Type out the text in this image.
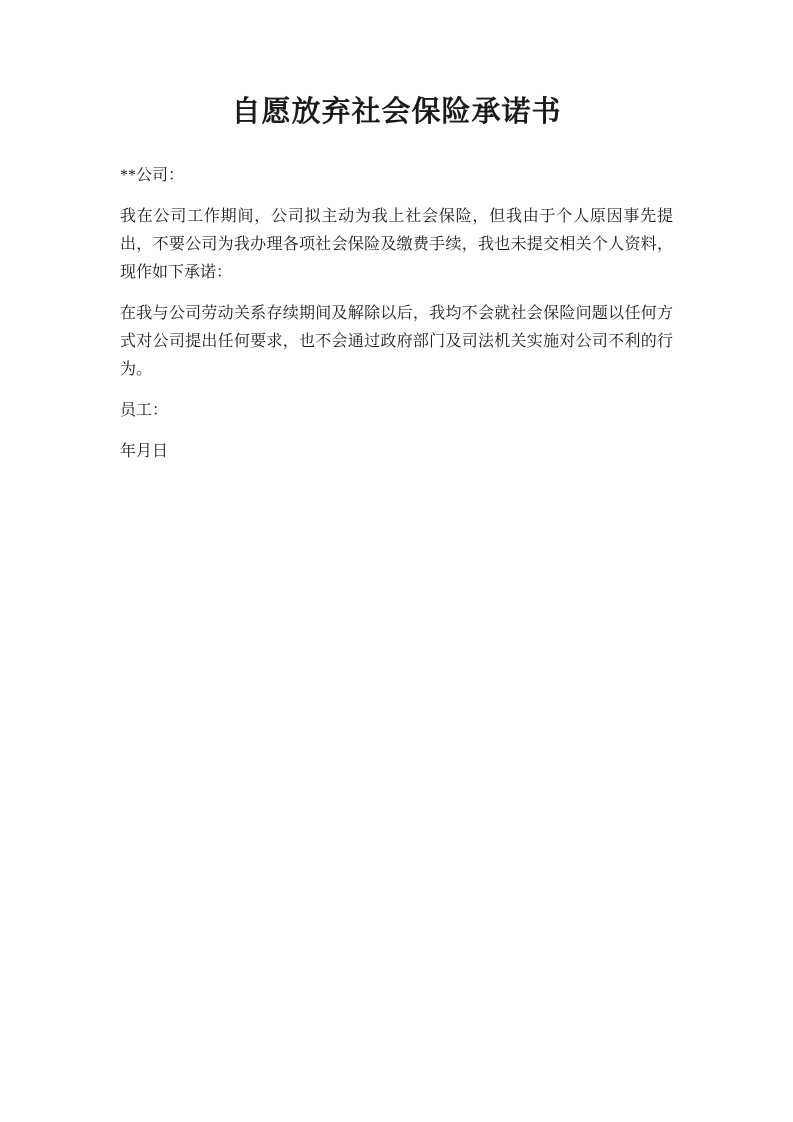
自愿放弃社会保险承诺书

**公司：

我在公司工作期间，公司拟主动为我上社会保险，但我由于个人原因事先提出，不要公司为我办理各项社会保险及缴费手续，我也未提交相关个人资料，现作如下承诺：

在我与公司劳动关系存续期间及解除以后，我均不会就社会保险问题以任何方式对公司提出任何要求，也不会通过政府部门及司法机关实施对公司不利的行为。

员工：

年月日
